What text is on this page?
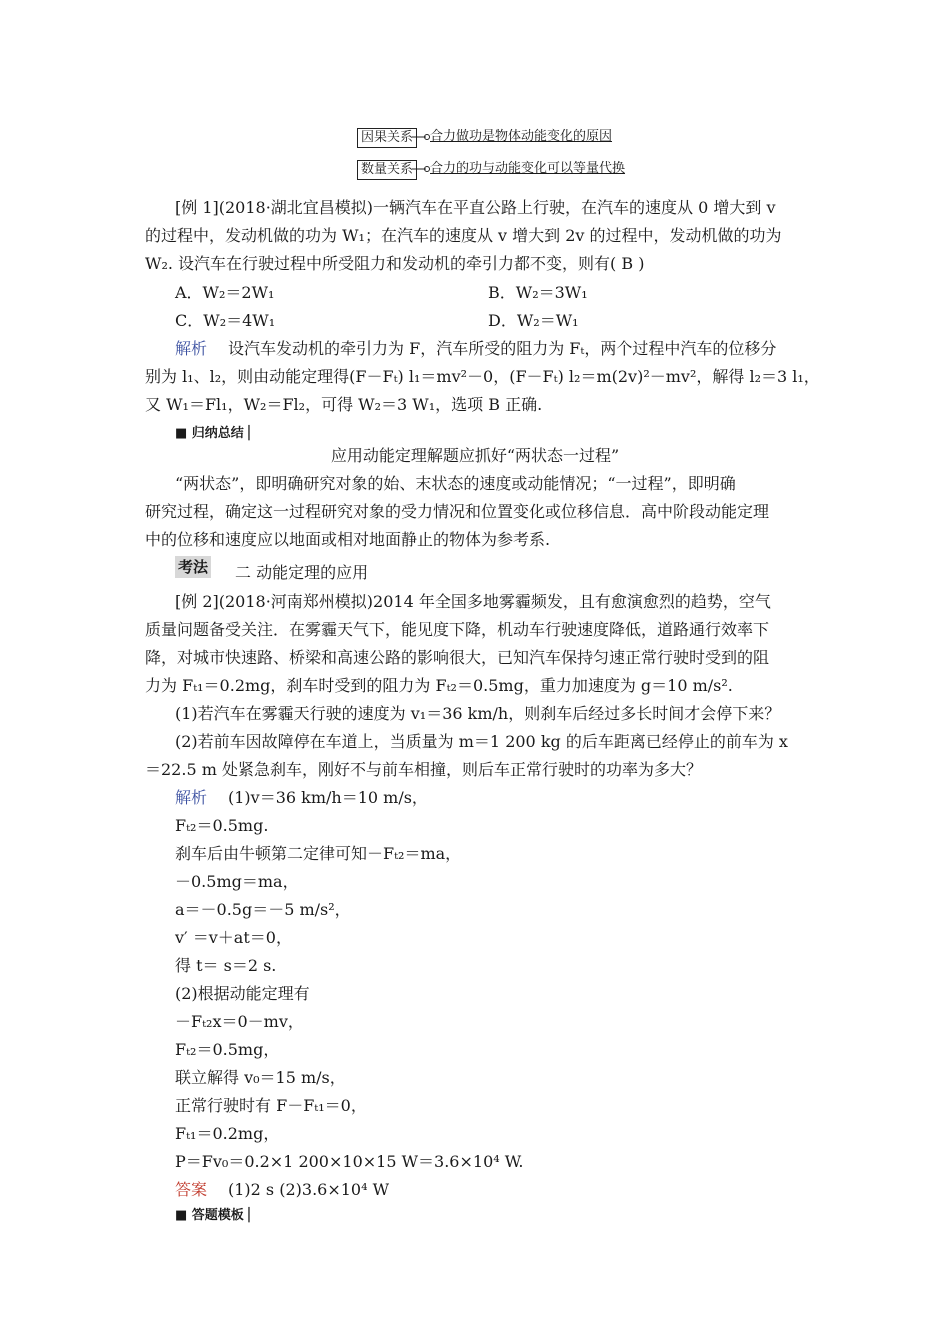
因果关系	合力做功是物体动能变化的原因
数量关系	合力的功与动能变化可以等量代换
[例 1](2018·湖北宜昌模拟)一辆汽车在平直公路上行驶，在汽车的速度从 0 增大到 v
的过程中，发动机做的功为 W₁；在汽车的速度从 v 增大到 2v 的过程中，发动机做的功为
W₂. 设汽车在行驶过程中所受阻力和发动机的牵引力都不变，则有( B )
A．W₂＝2W₁	B．W₂＝3W₁
C．W₂＝4W₁	D．W₂＝W₁
解析 设汽车发动机的牵引力为 F，汽车所受的阻力为 Fₜ，两个过程中汽车的位移分
别为 l₁、l₂，则由动能定理得(F－Fₜ) l₁＝mv²－0，(F－Fₜ) l₂＝m(2v)²－mv²，解得 l₂＝3 l₁，
又 W₁＝Fl₁，W₂＝Fl₂，可得 W₂＝3 W₁，选项 B 正确.
■ 归纳总结 ▏
应用动能定理解题应抓好“两状态一过程”
“两状态”，即明确研究对象的始、末状态的速度或动能情况；“一过程”，即明确
研究过程，确定这一过程研究对象的受力情况和位置变化或位移信息．高中阶段动能定理
中的位移和速度应以地面或相对地面静止的物体为参考系.
考法 二 动能定理的应用
[例 2](2018·河南郑州模拟)2014 年全国多地雾霾频发，且有愈演愈烈的趋势，空气
质量问题备受关注．在雾霾天气下，能见度下降，机动车行驶速度降低，道路通行效率下
降，对城市快速路、桥梁和高速公路的影响很大，已知汽车保持匀速正常行驶时受到的阻
力为 Fₜ₁＝0.2mg，刹车时受到的阻力为 Fₜ₂＝0.5mg，重力加速度为 g＝10 m/s².
(1)若汽车在雾霾天行驶的速度为 v₁＝36 km/h，则刹车后经过多长时间才会停下来？
(2)若前车因故障停在车道上，当质量为 m＝1 200 kg 的后车距离已经停止的前车为 x
＝22.5 m 处紧急刹车，刚好不与前车相撞，则后车正常行驶时的功率为多大？
解析 (1)v＝36 km/h＝10 m/s，
Fₜ₂＝0.5mg.
刹车后由牛顿第二定律可知－Fₜ₂＝ma，
－0.5mg＝ma，
a＝－0.5g＝－5 m/s²，
v′ ＝v＋at＝0，
得 t＝ s＝2 s.
(2)根据动能定理有
－Fₜ₂x＝0－mv，
Fₜ₂＝0.5mg，
联立解得 v₀＝15 m/s，
正常行驶时有 F－Fₜ₁＝0，
Fₜ₁＝0.2mg，
P＝Fv₀＝0.2×1 200×10×15 W＝3.6×10⁴ W.
答案 (1)2 s (2)3.6×10⁴ W
■ 答题模板 ▏
